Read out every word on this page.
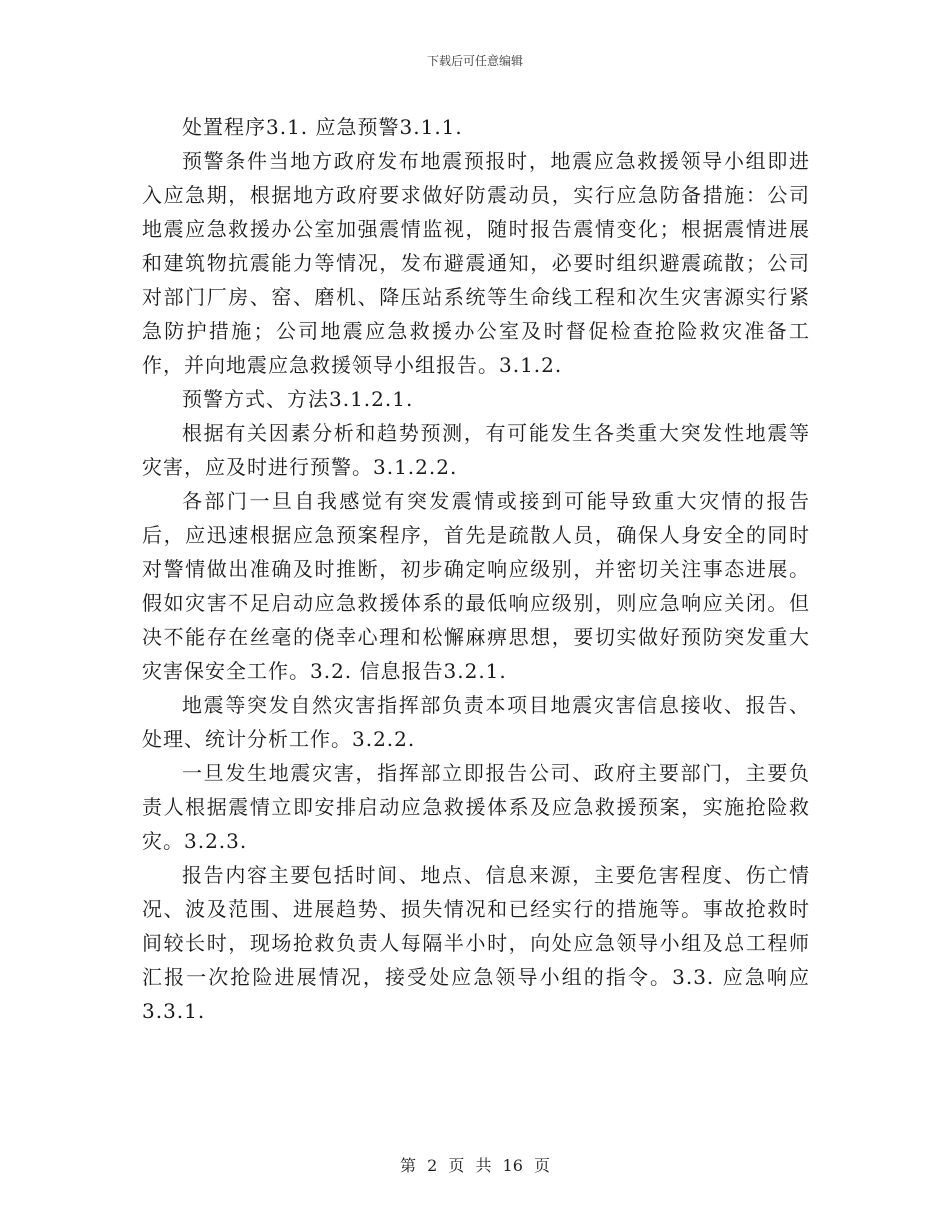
下载后可任意编辑

处置程序3.1. 应急预警3.1.1.

预警条件当地方政府发布地震预报时，地震应急救援领导小组即进入应急期，根据地方政府要求做好防震动员，实行应急防备措施：公司地震应急救援办公室加强震情监视，随时报告震情变化；根据震情进展和建筑物抗震能力等情况，发布避震通知，必要时组织避震疏散；公司对部门厂房、窑、磨机、降压站系统等生命线工程和次生灾害源实行紧急防护措施；公司地震应急救援办公室及时督促检查抢险救灾准备工作，并向地震应急救援领导小组报告。3.1.2.

预警方式、方法3.1.2.1.

根据有关因素分析和趋势预测，有可能发生各类重大突发性地震等灾害，应及时进行预警。3.1.2.2.

各部门一旦自我感觉有突发震情或接到可能导致重大灾情的报告后，应迅速根据应急预案程序，首先是疏散人员，确保人身安全的同时对警情做出准确及时推断，初步确定响应级别，并密切关注事态进展。假如灾害不足启动应急救援体系的最低响应级别，则应急响应关闭。但决不能存在丝毫的侥幸心理和松懈麻痹思想，要切实做好预防突发重大灾害保安全工作。3.2. 信息报告3.2.1.

地震等突发自然灾害指挥部负责本项目地震灾害信息接收、报告、处理、统计分析工作。3.2.2.

一旦发生地震灾害，指挥部立即报告公司、政府主要部门，主要负责人根据震情立即安排启动应急救援体系及应急救援预案，实施抢险救灾。3.2.3.

报告内容主要包括时间、地点、信息来源，主要危害程度、伤亡情况、波及范围、进展趋势、损失情况和已经实行的措施等。事故抢救时间较长时，现场抢救负责人每隔半小时，向处应急领导小组及总工程师汇报一次抢险进展情况，接受处应急领导小组的指令。3.3. 应急响应3.3.1.

第 2 页 共 16 页
